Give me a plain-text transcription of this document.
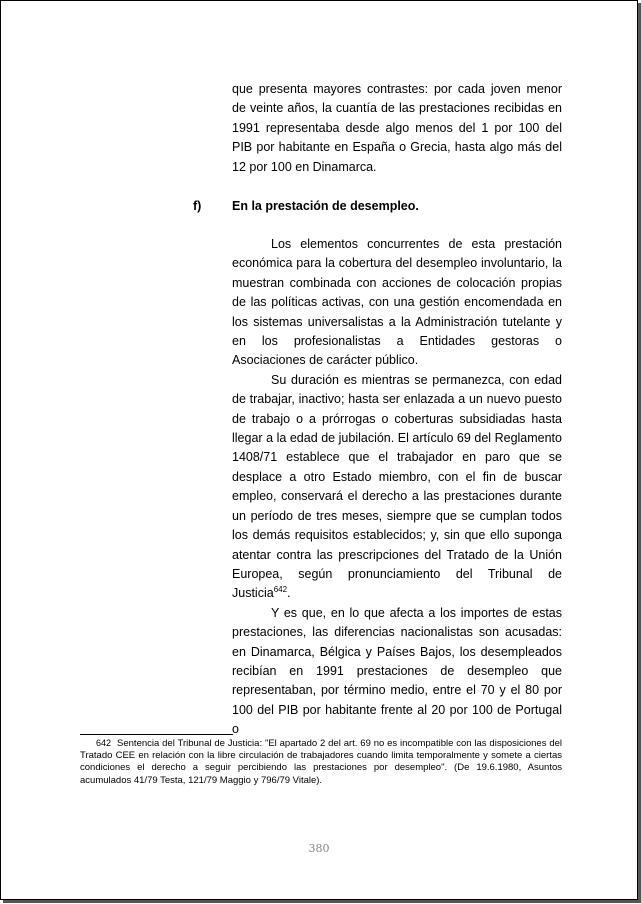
que presenta mayores contrastes: por cada joven menor de veinte años, la cuantía de las prestaciones recibidas en 1991 representaba desde algo menos del 1 por 100 del PIB por habitante en España o Grecia, hasta algo más del 12 por 100 en Dinamarca.

f) En la prestación de desempleo.

Los elementos concurrentes de esta prestación económica para la cobertura del desempleo involuntario, la muestran combinada con acciones de colocación propias de las políticas activas, con una gestión encomendada en los sistemas universalistas a la Administración tutelante y en los profesionalistas a Entidades gestoras o Asociaciones de carácter público.

Su duración es mientras se permanezca, con edad de trabajar, inactivo; hasta ser enlazada a un nuevo puesto de trabajo o a prórrogas o coberturas subsidiadas hasta llegar a la edad de jubilación. El artículo 69 del Reglamento 1408/71 establece que el trabajador en paro que se desplace a otro Estado miembro, con el fin de buscar empleo, conservará el derecho a las prestaciones durante un período de tres meses, siempre que se cumplan todos los demás requisitos establecidos; y, sin que ello suponga atentar contra las prescripciones del Tratado de la Unión Europea, según pronunciamiento del Tribunal de Justicia$^{642}$.

Y es que, en lo que afecta a los importes de estas prestaciones, las diferencias nacionalistas son acusadas: en Dinamarca, Bélgica y Países Bajos, los desempleados recibían en 1991 prestaciones de desempleo que representaban, por término medio, entre el 70 y el 80 por 100 del PIB por habitante frente al 20 por 100 de Portugal o

642 Sentencia del Tribunal de Justicia: "El apartado 2 del art. 69 no es incompatible con las disposiciones del Tratado CEE en relación con la libre circulación de trabajadores cuando limita temporalmente y somete a ciertas condiciones el derecho a seguir percibiendo las prestaciones por desempleo". (De 19.6.1980, Asuntos acumulados 41/79 Testa, 121/79 Maggio y 796/79 Vitale).
380
